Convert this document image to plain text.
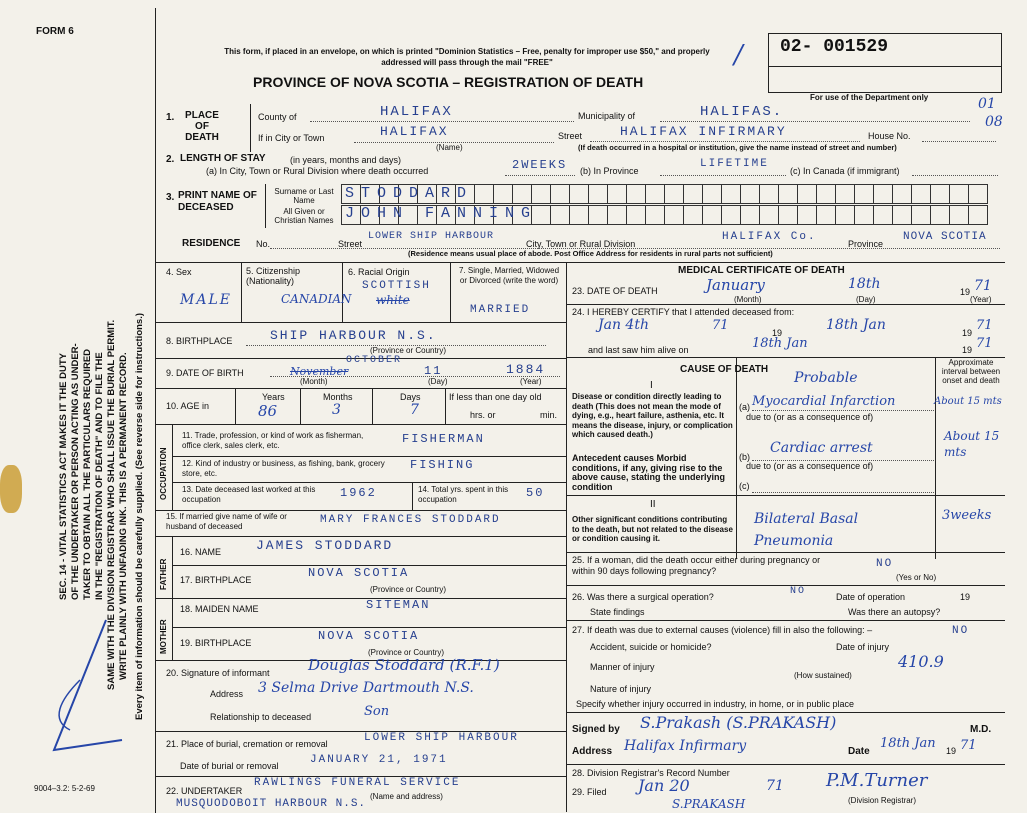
FORM 6
This form, if placed in an envelope, on which is printed "Dominion Statistics – Free, penalty for improper use $50," and properly addressed will pass through the mail "FREE"
PROVINCE OF NOVA SCOTIA – REGISTRATION OF DEATH
/ 02- 001529
For use of the Department only	01
08
SEC. 14 - VITAL STATISTICS ACT MAKES IT THE DUTY OF THE UNDERTAKER OR PERSON ACTING AS UNDER- TAKER TO OBTAIN ALL THE PARTICULARS REQUIRED IN THE "REGISTRATION OF DEATH" AND TO FILE THE SAME WITH THE DIVISION REGISTRAR WHO SHALL ISSUE THE BURIAL PERMIT. WRITE PLAINLY WITH UNFADING INK. THIS IS A PERMANENT RECORD. Every item of information should be carefully supplied. (See reverse side for instructions.)
9004–3.2: 5-2-69
1.	PLACE OF DEATH
County of	HALIFAX	Municipality of	HALIFAS.
If in City or Town	HALIFAX
(Name)
Street	HALIFAX INFIRMARY	House No.
(If death occurred in a hospital or institution, give the name instead of street and number)
2. LENGTH OF STAY	(in years, months and days)
(a) In City, Town or Rural Division where death occurred	2WEEKS (b) In Province
LIFETIME
(c) In Canada (if immigrant)
3. PRINT NAME OF DECEASED
Surname or Last Name
All Given or Christian Names
STODDARD
JOHN FANNING
RESIDENCE No.	Street
LOWER SHIP HARBOUR
City, Town or Rural Division
HALIFAX Co.
Province
NOVA SCOTIA
(Residence means usual place of abode. Post Office Address for residents in rural parts not sufficient)
4. Sex
MALE
5. Citizenship (Nationality)
CANADIAN
6. Racial Origin
SCOTTISH
white
7. Single, Married, Widowed or Divorced (write the word)
MARRIED
8. BIRTHPLACE	SHIP HARBOUR N.S.
(Province or Country)
9. DATE OF BIRTH	November
OCTOBER
11	1884
(Month)	(Day)	(Year)
10. AGE in
Years
86
Months
3
Days
7
If less than one day old
hrs. or	min.
OCCUPATION
11. Trade, profession, or kind of work as fisherman, office clerk, sales clerk, etc.	FISHERMAN
12. Kind of industry or business, as fishing, bank, grocery store, etc.
FISHING
13. Date deceased last worked at this occupation	1962	14. Total yrs. spent in this occupation	50
15. If married give name of wife or husband of deceased
MARY FRANCES STODDARD
FATHER
MOTHER
16. NAME	JAMES STODDARD
17. BIRTHPLACE	NOVA SCOTIA
(Province or Country)
18. MAIDEN NAME	SITEMAN
19. BIRTHPLACE	NOVA SCOTIA
(Province or Country)
20. Signature of informant	Douglas Stoddard (R.F.1)
Address 3 Selma Drive Dartmouth N.S.
Relationship to deceased	Son
21. Place of burial, cremation or removal	LOWER SHIP HARBOUR
Date of burial or removal	JANUARY 21, 1971
22. UNDERTAKER
RAWLINGS FUNERAL SERVICE
(Name and address)
MUSQUODOBOIT HARBOUR N.S.
MEDICAL CERTIFICATE OF DEATH
23. DATE OF DEATH	January	18th	19 71
(Month)	(Day)	(Year)
24. I HEREBY CERTIFY that I attended deceased from:
Jan 4th	71	19	18th Jan	19 71
and last saw him alive on	18th Jan	19 71
CAUSE OF DEATH
Approximate interval between onset and death
I
Disease or condition directly leading to death (This does not mean the mode of dying, e.g., heart failure, asthenia, etc. It means the disease, injury, or complication which caused death.)
(a)
Probable
Myocardial Infarction	About 15 mts
due to (or as a consequence of)
Antecedent causes Morbid conditions, if any, giving rise to the above cause, stating the underlying condition
(b)
Cardiac arrest
About 15 mts
due to (or as a consequence of)
(c)
II
Other significant conditions contributing to the death, but not related to the disease or condition causing it.
Bilateral Basal Pneumonia
3weeks
25. If a woman, did the death occur either during pregnancy or within 90 days following pregnancy?
NO
(Yes or No)
26. Was there a surgical operation?	NO	Date of operation	19
State findings	Was there an autopsy?
27. If death was due to external causes (violence) fill in also the following: –	NO
Accident, suicide or homicide?	Date of injury
410.9
Manner of injury
(How sustained)
Nature of injury
Specify whether injury occurred in industry, in home, or in public place
Signed by S.Prakash (S.PRAKASH)	M.D.
Address Halifax Infirmary	Date
18th Jan 19 71
28. Division Registrar's Record Number
29. Filed Jan 20	71 P.M.Turner
(Division Registrar)
S.PRAKASH
